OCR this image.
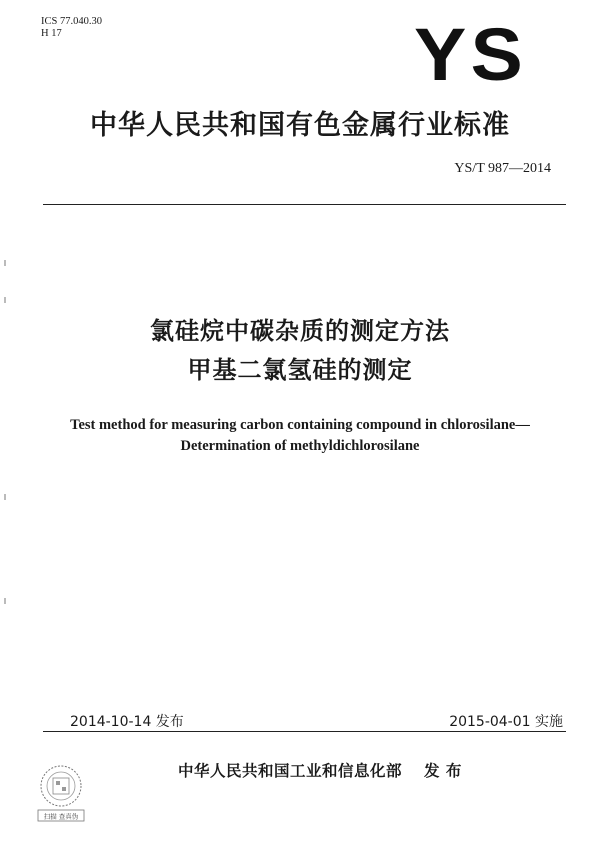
ICS 77.040.30
H 17	YS
中华人民共和国有色金属行业标准
YS/T 987—2014
氯硅烷中碳杂质的测定方法
甲基二氯氢硅的测定
Test method for measuring carbon containing compound in chlorosilane—
Determination of methyldichlorosilane
2014-10-14 发布	2015-04-01 实施
中华人民共和国工业和信息化部 发 布
扫描 查真伪
